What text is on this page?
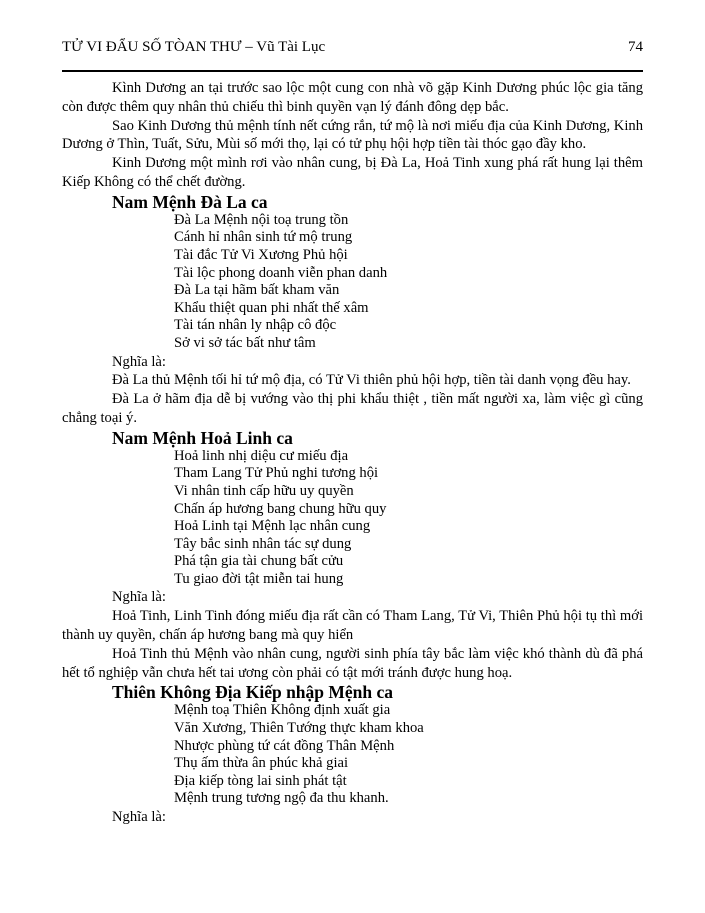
TỬ VI ĐẨU SỐ TÒAN THƯ – Vũ Tài Lục	74

Kình Dương an tại trước sao lộc một cung con nhà võ gặp Kinh Dương phúc lộc gia tăng còn được thêm quy nhân thủ chiếu thì binh quyền vạn lý đánh đông dẹp bắc.

Sao Kinh Dương thủ mệnh tính nết cứng rắn, tứ mộ là nơi miếu địa của Kinh Dương, Kinh Dương ở Thìn, Tuất, Sửu, Mùi số mới thọ, lại có tử phụ hội hợp tiền tài thóc gạo đầy kho.

Kinh Dương một mình rơi vào nhân cung, bị Đà La, Hoả Tinh xung phá rất hung lại thêm Kiếp Không có thể chết đường.

Nam Mệnh Đà La ca
Đà La Mệnh nội toạ trung tồn
Cánh hỉ nhân sinh tứ mộ trung
Tài đắc Tử Vi Xương Phủ hội
Tài lộc phong doanh viễn phan danh
Đà La tại hãm bất kham văn
Khẩu thiệt quan phi nhất thế xâm
Tài tán nhân ly nhập cô độc
Sở vi sở tác bất như tâm

Nghĩa là:

Đà La thủ Mệnh tối hỉ tứ mộ địa, có Tử Vi thiên phủ hội hợp, tiền tài danh vọng đều hay.

Đà La ở hãm địa dễ bị vướng vào thị phi khẩu thiệt , tiền mất người xa, làm việc gì cũng chẳng toại ý.

Nam Mệnh Hoả Linh ca
Hoả linh nhị diệu cư miếu địa
Tham Lang Tử Phủ nghi tương hội
Vi nhân tinh cấp hữu uy quyền
Chấn áp hương bang chung hữu quy
Hoả Linh tại Mệnh lạc nhân cung
Tây bắc sinh nhân tác sự dung
Phá tận gia tài chung bất cửu
Tu giao đời tật miễn tai hung

Nghĩa là:

Hoả Tinh, Linh Tinh đóng miếu địa rất cần có Tham Lang, Tử Vi, Thiên Phủ hội tụ thì mới thành uy quyền, chấn áp hương bang mà quy hiển

Hoả Tinh thủ Mệnh vào nhân cung, người sinh phía tây bắc làm việc khó thành dù đã phá hết tổ nghiệp vẫn chưa hết tai ương còn phải có tật mới tránh được hung hoạ.

Thiên Không Địa Kiếp nhập Mệnh ca
Mệnh toạ Thiên Không định xuất gia
Văn Xương, Thiên Tướng thực kham khoa
Nhược phùng tứ cát đồng Thân Mệnh
Thụ ấm thừa ân phúc khả giai
Địa kiếp tòng lai sinh phát tật
Mệnh trung tương ngộ đa thu khanh.

Nghĩa là:
